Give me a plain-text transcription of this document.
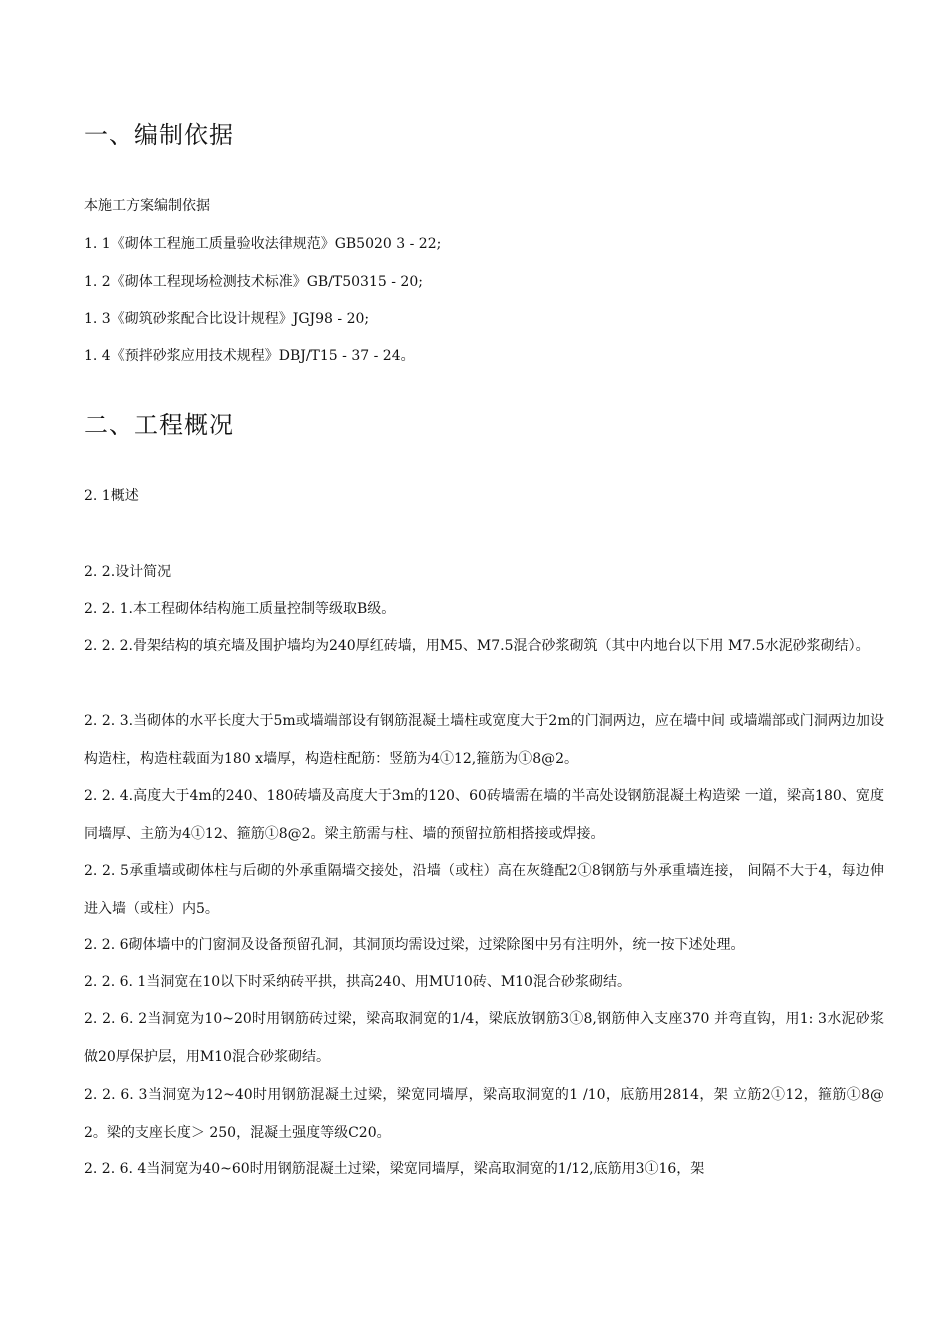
一、编制依据
本施工方案编制依据
1. 1《砌体工程施工质量验收法律规范》GB5020 3 - 22;
1. 2《砌体工程现场检测技术标准》GB/T50315 - 20;
1. 3《砌筑砂浆配合比设计规程》JGJ98 - 20;
1. 4《预拌砂浆应用技术规程》DBJ/T15 - 37 - 24。
二、工程概况
2. 1概述
2. 2.设计简况
2. 2. 1.本工程砌体结构施工质量控制等级取B级。
2. 2. 2.骨架结构的填充墙及围护墙均为240厚红砖墙，用M5、M7.5混合砂浆砌筑（其中内地台以下用 M7.5水泥砂浆砌结）。
2. 2. 3.当砌体的水平长度大于5m或墙端部设有钢筋混凝土墙柱或宽度大于2m的门洞两边，应在墙中间 或墙端部或门洞两边加设构造柱，构造柱载面为180 x墙厚，构造柱配筋：竖筋为4①12,箍筋为①8@2。
2. 2. 4.高度大于4m的240、180砖墙及高度大于3m的120、60砖墙需在墙的半高处设钢筋混凝土构造梁 一道，梁高180、宽度同墙厚、主筋为4①12、箍筋①8@2。梁主筋需与柱、墙的预留拉筋相搭接或焊接。
2. 2. 5承重墙或砌体柱与后砌的外承重隔墙交接处，沿墙（或柱）高在灰缝配2①8钢筋与外承重墙连接， 间隔不大于4，每边伸进入墙（或柱）内5。
2. 2. 6砌体墙中的门窗洞及设备预留孔洞，其洞顶均需设过梁，过梁除图中另有注明外，统一按下述处理。
2. 2. 6. 1当洞宽在10以下时采纳砖平拱，拱高240、用MU10砖、M10混合砂浆砌结。
2. 2. 6. 2当洞宽为10~20时用钢筋砖过梁，梁高取洞宽的1/4，梁底放钢筋3①8,钢筋伸入支座370 并弯直钩，用1: 3水泥砂浆做20厚保护层，用M10混合砂浆砌结。
2. 2. 6. 3当洞宽为12~40时用钢筋混凝土过梁，梁宽同墙厚，梁高取洞宽的1 /10，底筋用2814，架 立筋2①12，箍筋①8@2。梁的支座长度＞ 250，混凝土强度等级C20。
2. 2. 6. 4当洞宽为40~60时用钢筋混凝土过梁，梁宽同墙厚，梁高取洞宽的1/12,底筋用3①16，架
